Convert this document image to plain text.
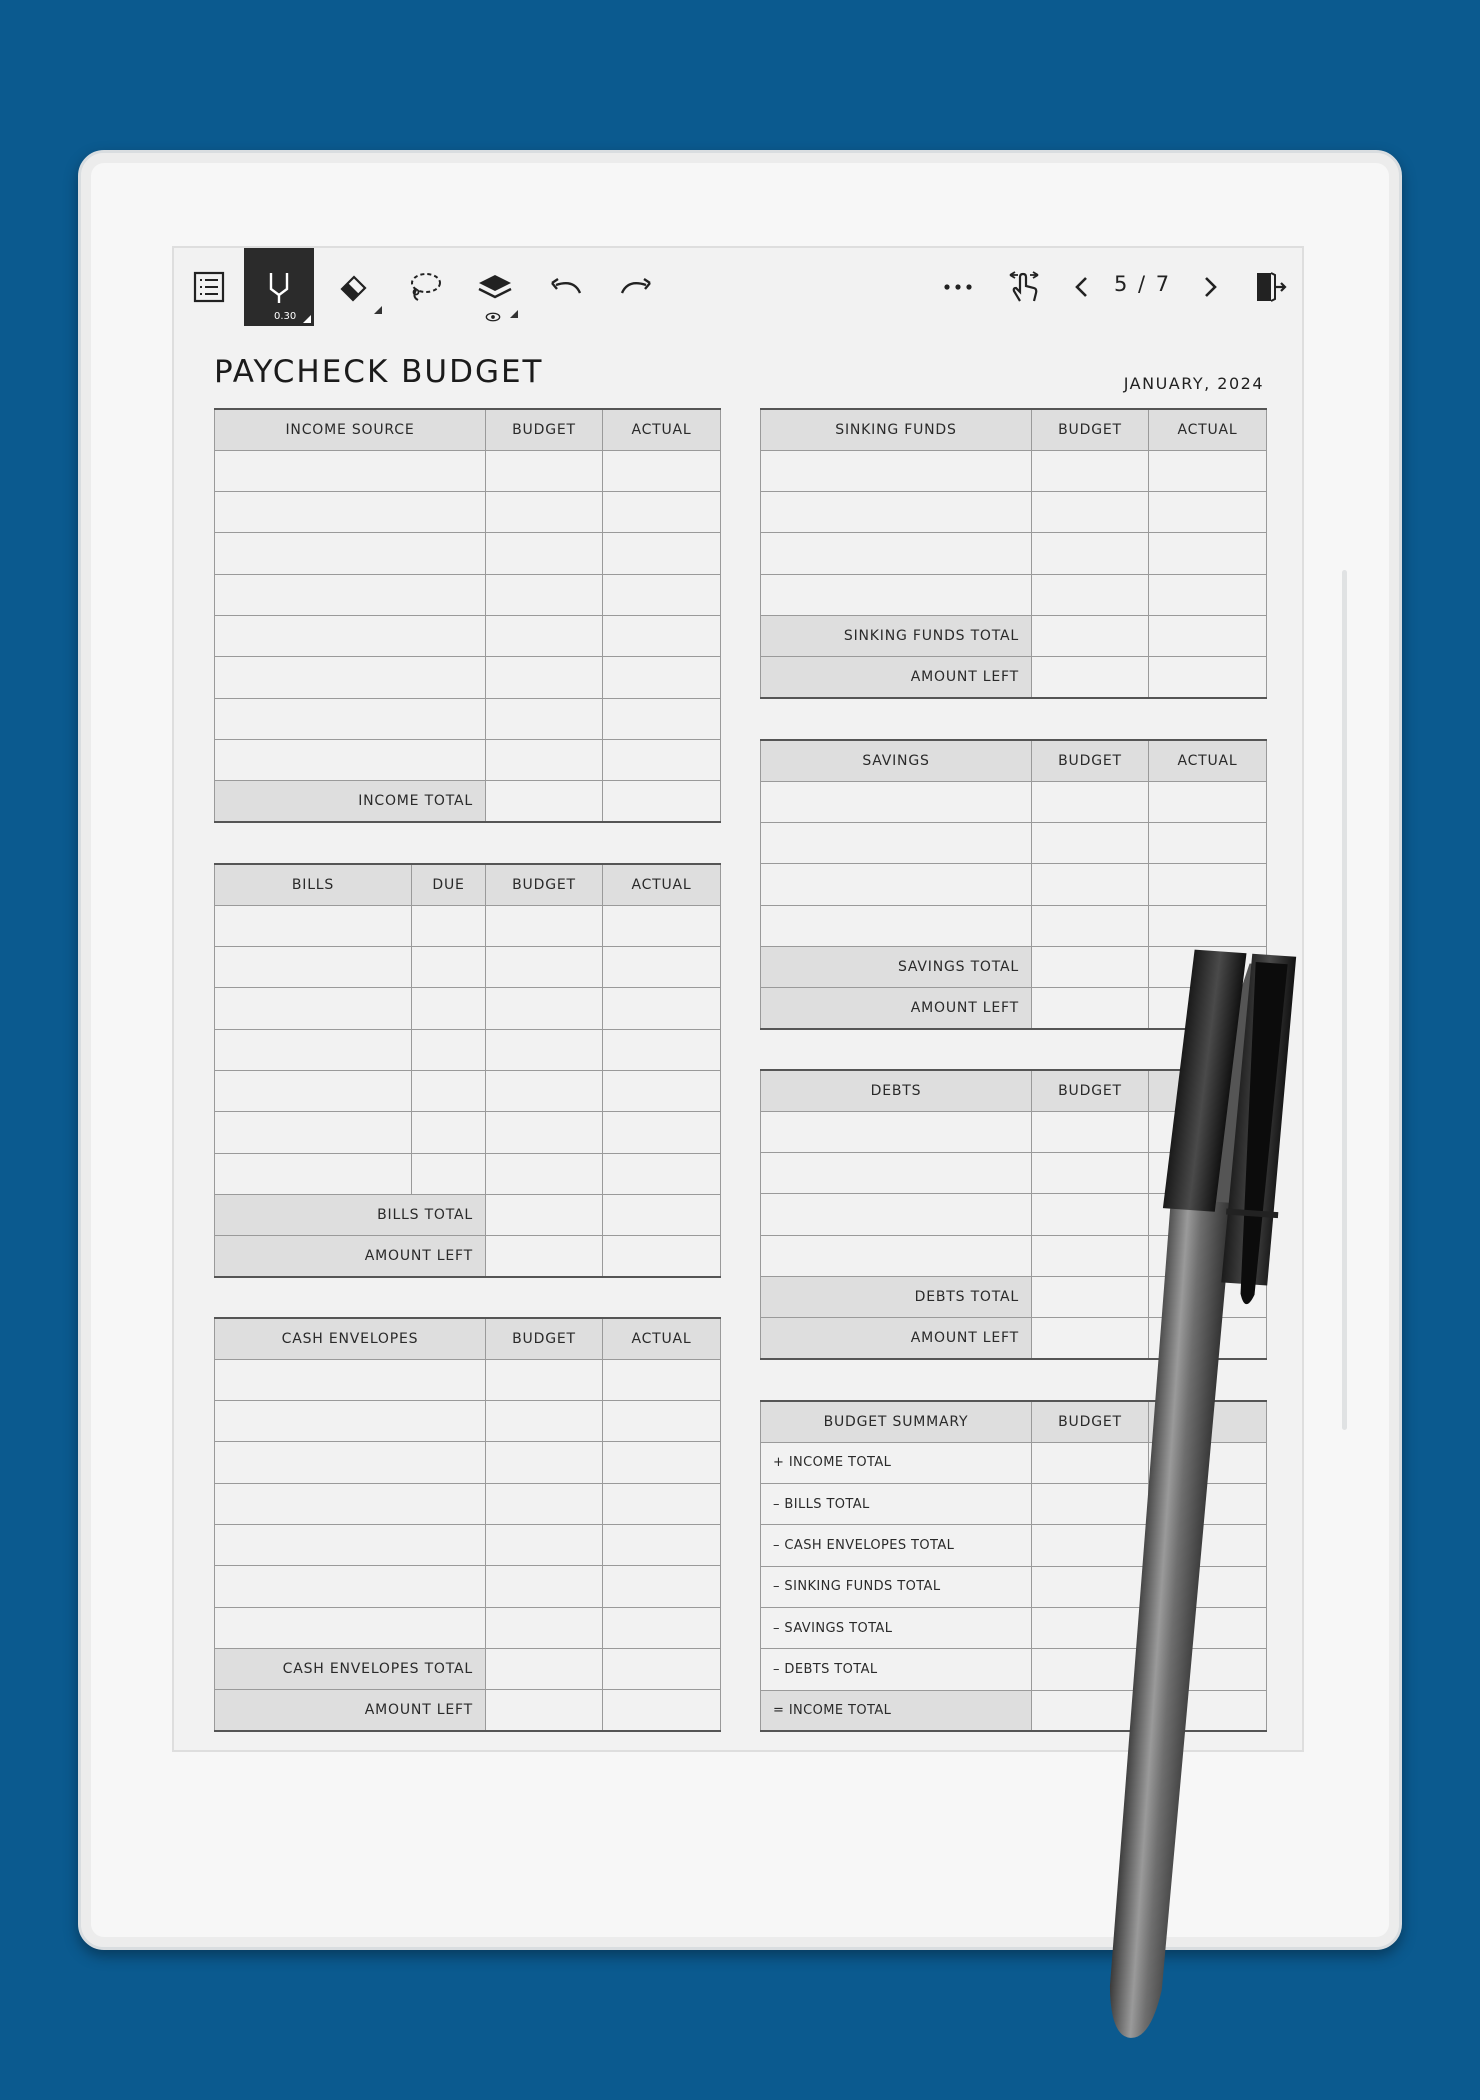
0.30
5 / 7
PAYCHECK BUDGET	JANUARY, 2024
INCOME SOURCE	BUDGET	ACTUAL

INCOME TOTAL		
BILLS	DUE	BUDGET	ACTUAL

BILLS TOTAL			
AMOUNT LEFT			
CASH ENVELOPES	BUDGET	ACTUAL

CASH ENVELOPES TOTAL		
AMOUNT LEFT		
SINKING FUNDS	BUDGET	ACTUAL

SINKING FUNDS TOTAL		
AMOUNT LEFT		
SAVINGS	BUDGET	ACTUAL

SAVINGS TOTAL		
AMOUNT LEFT		
DEBTS	BUDGET	

DEBTS TOTAL		
AMOUNT LEFT		
BUDGET SUMMARY	BUDGET	
+ INCOME TOTAL		
– BILLS TOTAL		
– CASH ENVELOPES TOTAL		
– SINKING FUNDS TOTAL		
– SAVINGS TOTAL		
– DEBTS TOTAL		
= INCOME TOTAL		
